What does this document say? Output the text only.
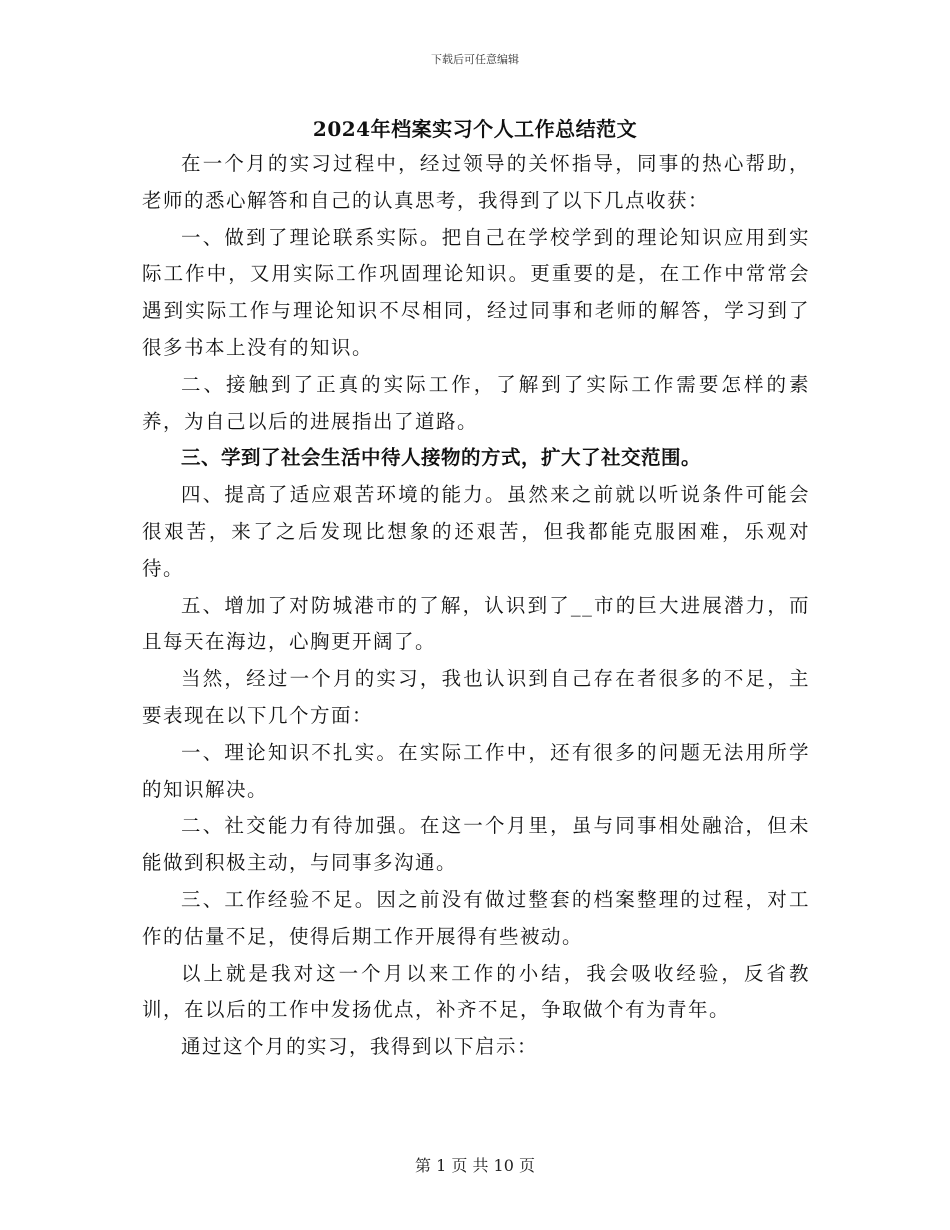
下载后可任意编辑
2024年档案实习个人工作总结范文

在一个月的实习过程中，经过领导的关怀指导，同事的热心帮助，老师的悉心解答和自己的认真思考，我得到了以下几点收获：

一、做到了理论联系实际。把自己在学校学到的理论知识应用到实际工作中，又用实际工作巩固理论知识。更重要的是，在工作中常常会遇到实际工作与理论知识不尽相同，经过同事和老师的解答，学习到了很多书本上没有的知识。

二、接触到了正真的实际工作，了解到了实际工作需要怎样的素养，为自己以后的进展指出了道路。

三、学到了社会生活中待人接物的方式，扩大了社交范围。

四、提高了适应艰苦环境的能力。虽然来之前就以听说条件可能会很艰苦，来了之后发现比想象的还艰苦，但我都能克服困难，乐观对待。

五、增加了对防城港市的了解，认识到了__市的巨大进展潜力，而且每天在海边，心胸更开阔了。

当然，经过一个月的实习，我也认识到自己存在者很多的不足，主要表现在以下几个方面：

一、理论知识不扎实。在实际工作中，还有很多的问题无法用所学的知识解决。

二、社交能力有待加强。在这一个月里，虽与同事相处融洽，但未能做到积极主动，与同事多沟通。

三、工作经验不足。因之前没有做过整套的档案整理的过程，对工作的估量不足，使得后期工作开展得有些被动。

以上就是我对这一个月以来工作的小结，我会吸收经验，反省教训，在以后的工作中发扬优点，补齐不足，争取做个有为青年。

通过这个月的实习，我得到以下启示：

第 1 页 共 10 页
